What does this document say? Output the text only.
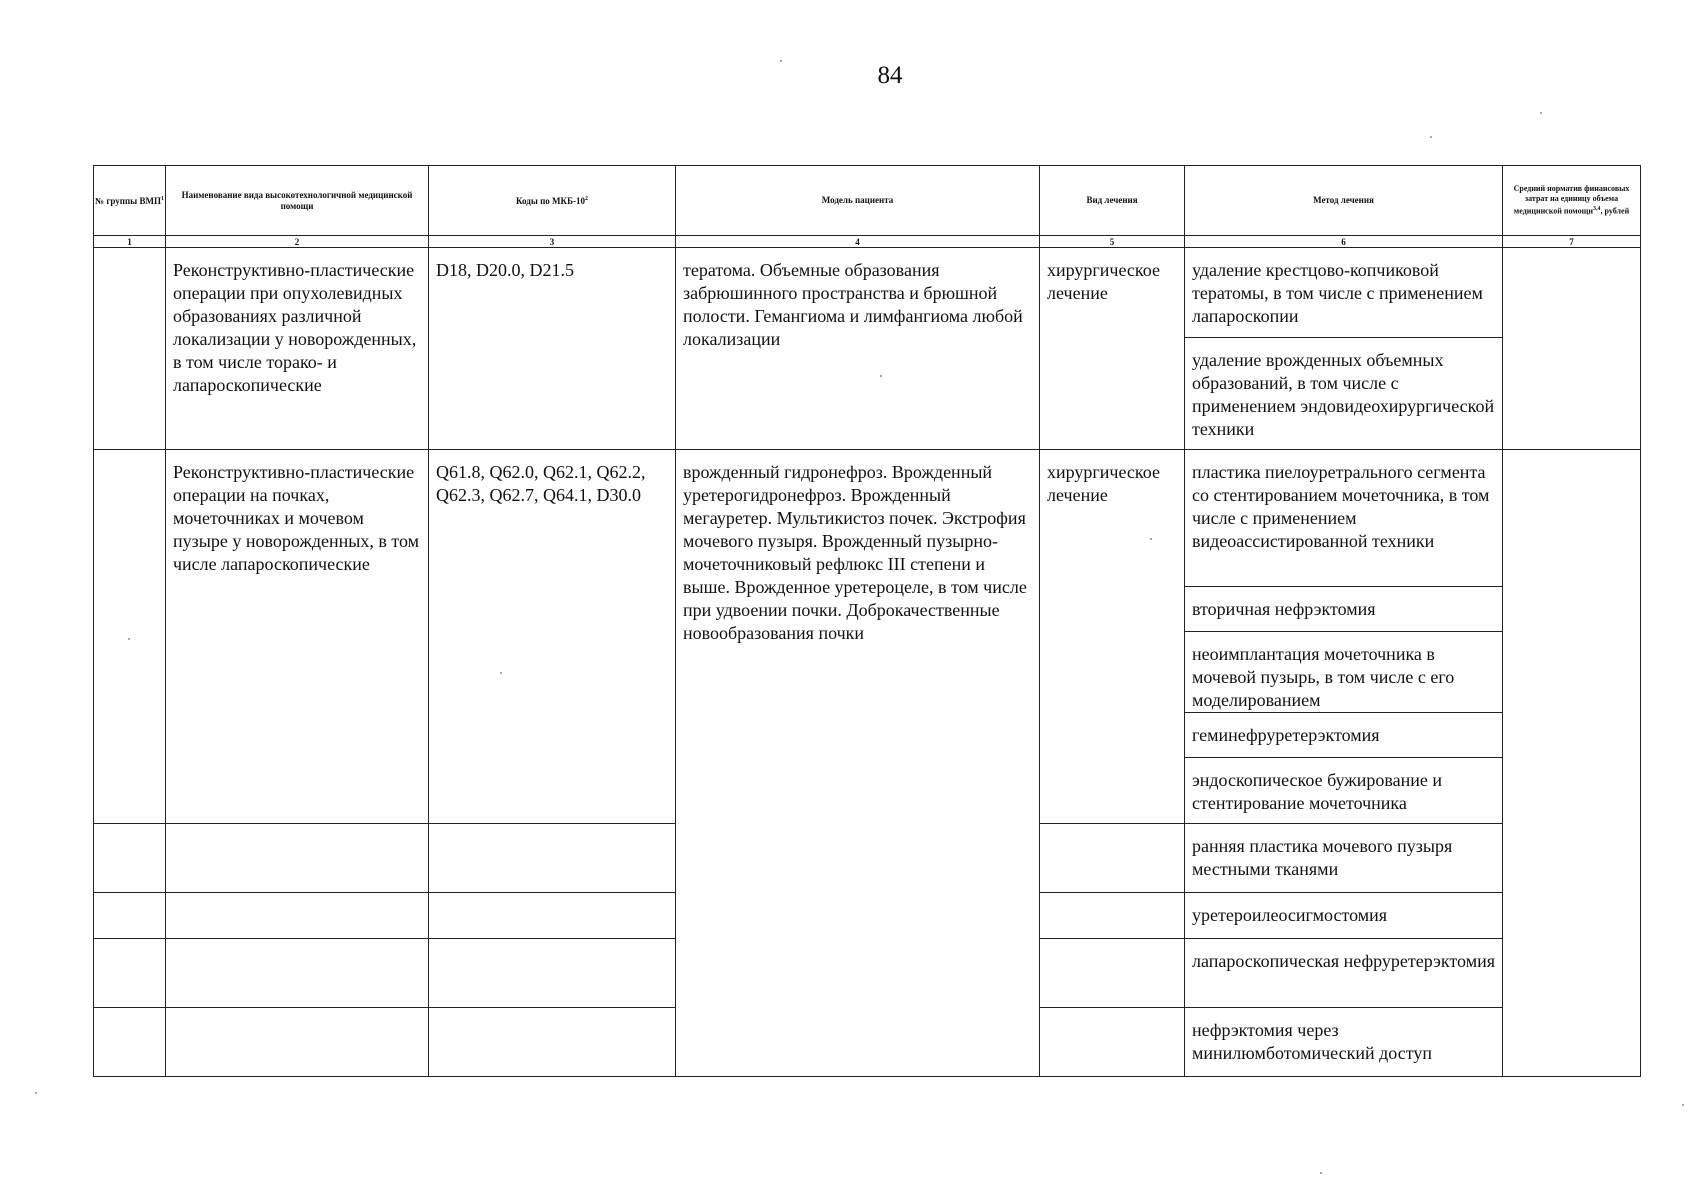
84
№ группы ВМП$^1$	Наименование вида высокотехнологичной медицинской помощи	Коды по МКБ-$10^2$	Модель пациента	Вид лечения	Метод лечения	Средний норматив финансовых затрат на единицу объема медицинской помощи$^{3,4}$, рублей
1	2	3	4	5	6	7
	Реконструктивно-пластические операции при опухолевидных образованиях различной локализации у новорожденных, в том числе торако- и лапароскопические	D18, D20.0, D21.5	тератома. Объемные образования забрюшинного пространства и брюшной полости. Гемангиома и лимфангиома любой локализации	хирургическое лечение	удаление крестцово-копчиковой тератомы, в том числе с применением лапароскопии	
					удаление врожденных объемных образований, в том числе с применением эндовидеохирургической техники	
	Реконструктивно-пластические операции на почках, мочеточниках и мочевом пузыре у новорожденных, в том числе лапароскопические	Q61.8, Q62.0, Q62.1, Q62.2, Q62.3, Q62.7, Q64.1, D30.0	врожденный гидронефроз. Врожденный уретерогидронефроз. Врожденный мегауретер. Мультикистоз почек. Экстрофия мочевого пузыря. Врожденный пузырно-мочеточниковый рефлюкс III степени и выше. Врожденное уретероцеле, в том числе при удвоении почки. Доброкачественные новообразования почки	хирургическое лечение	пластика пиелоуретрального сегмента со стентированием мочеточника, в том числе с применением видеоассистированной техники	
					вторичная нефрэктомия	
					неоимплантация мочеточника в мочевой пузырь, в том числе с его моделированием	
					геминефруретерэктомия	
					эндоскопическое бужирование и стентирование мочеточника	
					ранняя пластика мочевого пузыря местными тканями	
					уретероилеосигмостомия	
					лапароскопическая нефруретерэктомия	
					нефрэктомия через минилюмботомический доступ	
